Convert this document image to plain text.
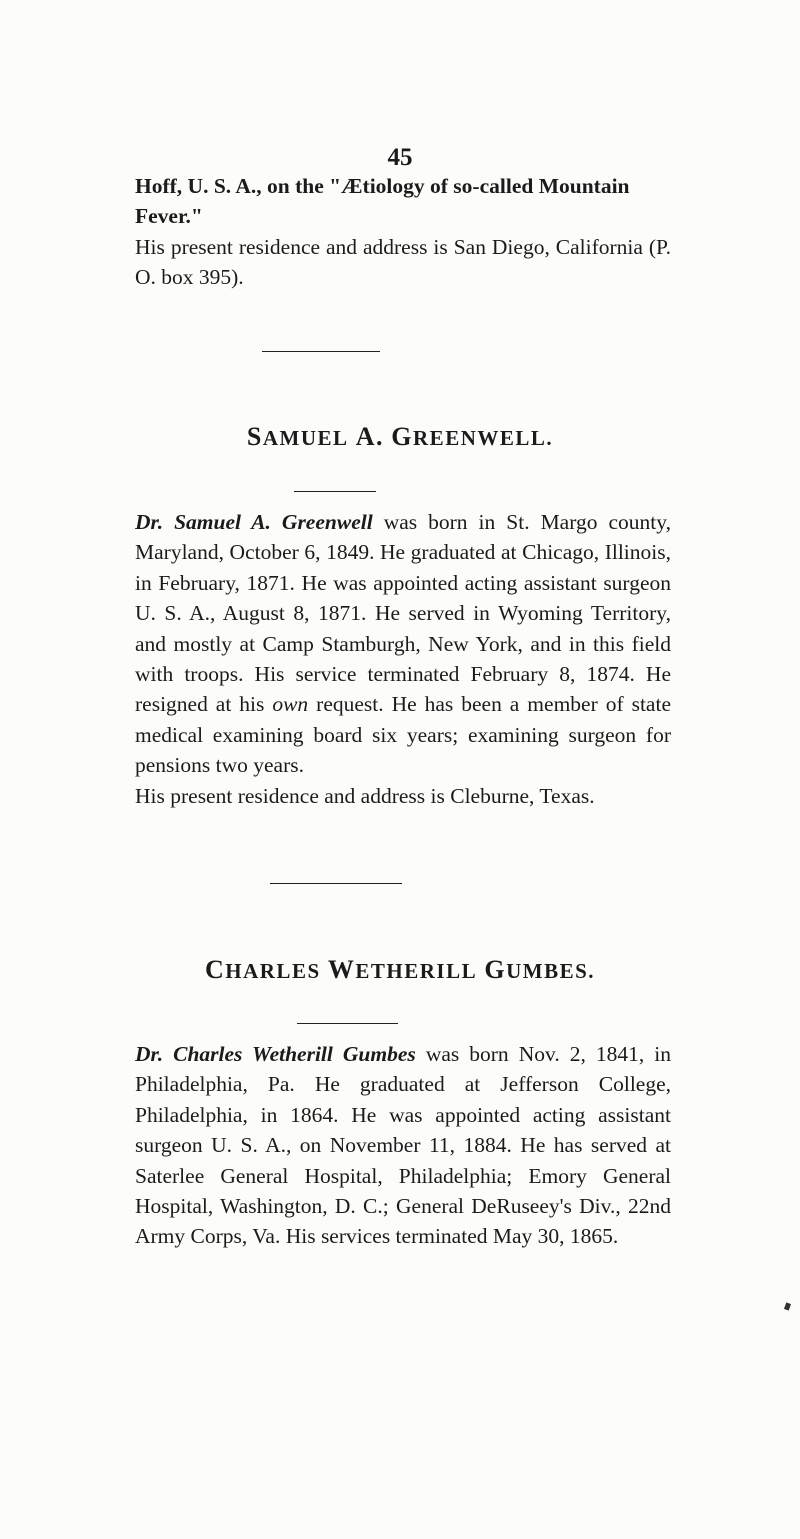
45

Hoff, U. S. A., on the "Ætiology of so-called Mountain Fever."

His present residence and address is San Diego, California (P. O. box 395).

SAMUEL A. GREENWELL.

Dr. Samuel A. Greenwell was born in St. Margo county, Maryland, October 6, 1849. He graduated at Chicago, Illinois, in February, 1871. He was appointed acting assistant surgeon U. S. A., August 8, 1871. He served in Wyoming Territory, and mostly at Camp Stamburgh, New York, and in this field with troops. His service terminated February 8, 1874. He resigned at his own request. He has been a member of state medical examining board six years; examining surgeon for pensions two years.

His present residence and address is Cleburne, Texas.

CHARLES WETHERILL GUMBES.

Dr. Charles Wetherill Gumbes was born Nov. 2, 1841, in Philadelphia, Pa. He graduated at Jefferson College, Philadelphia, in 1864. He was appointed acting assistant surgeon U. S. A., on November 11, 1884. He has served at Saterlee General Hospital, Philadelphia; Emory General Hospital, Washington, D. C.; General DeRuseey's Div., 22nd Army Corps, Va. His services terminated May 30, 1865.
